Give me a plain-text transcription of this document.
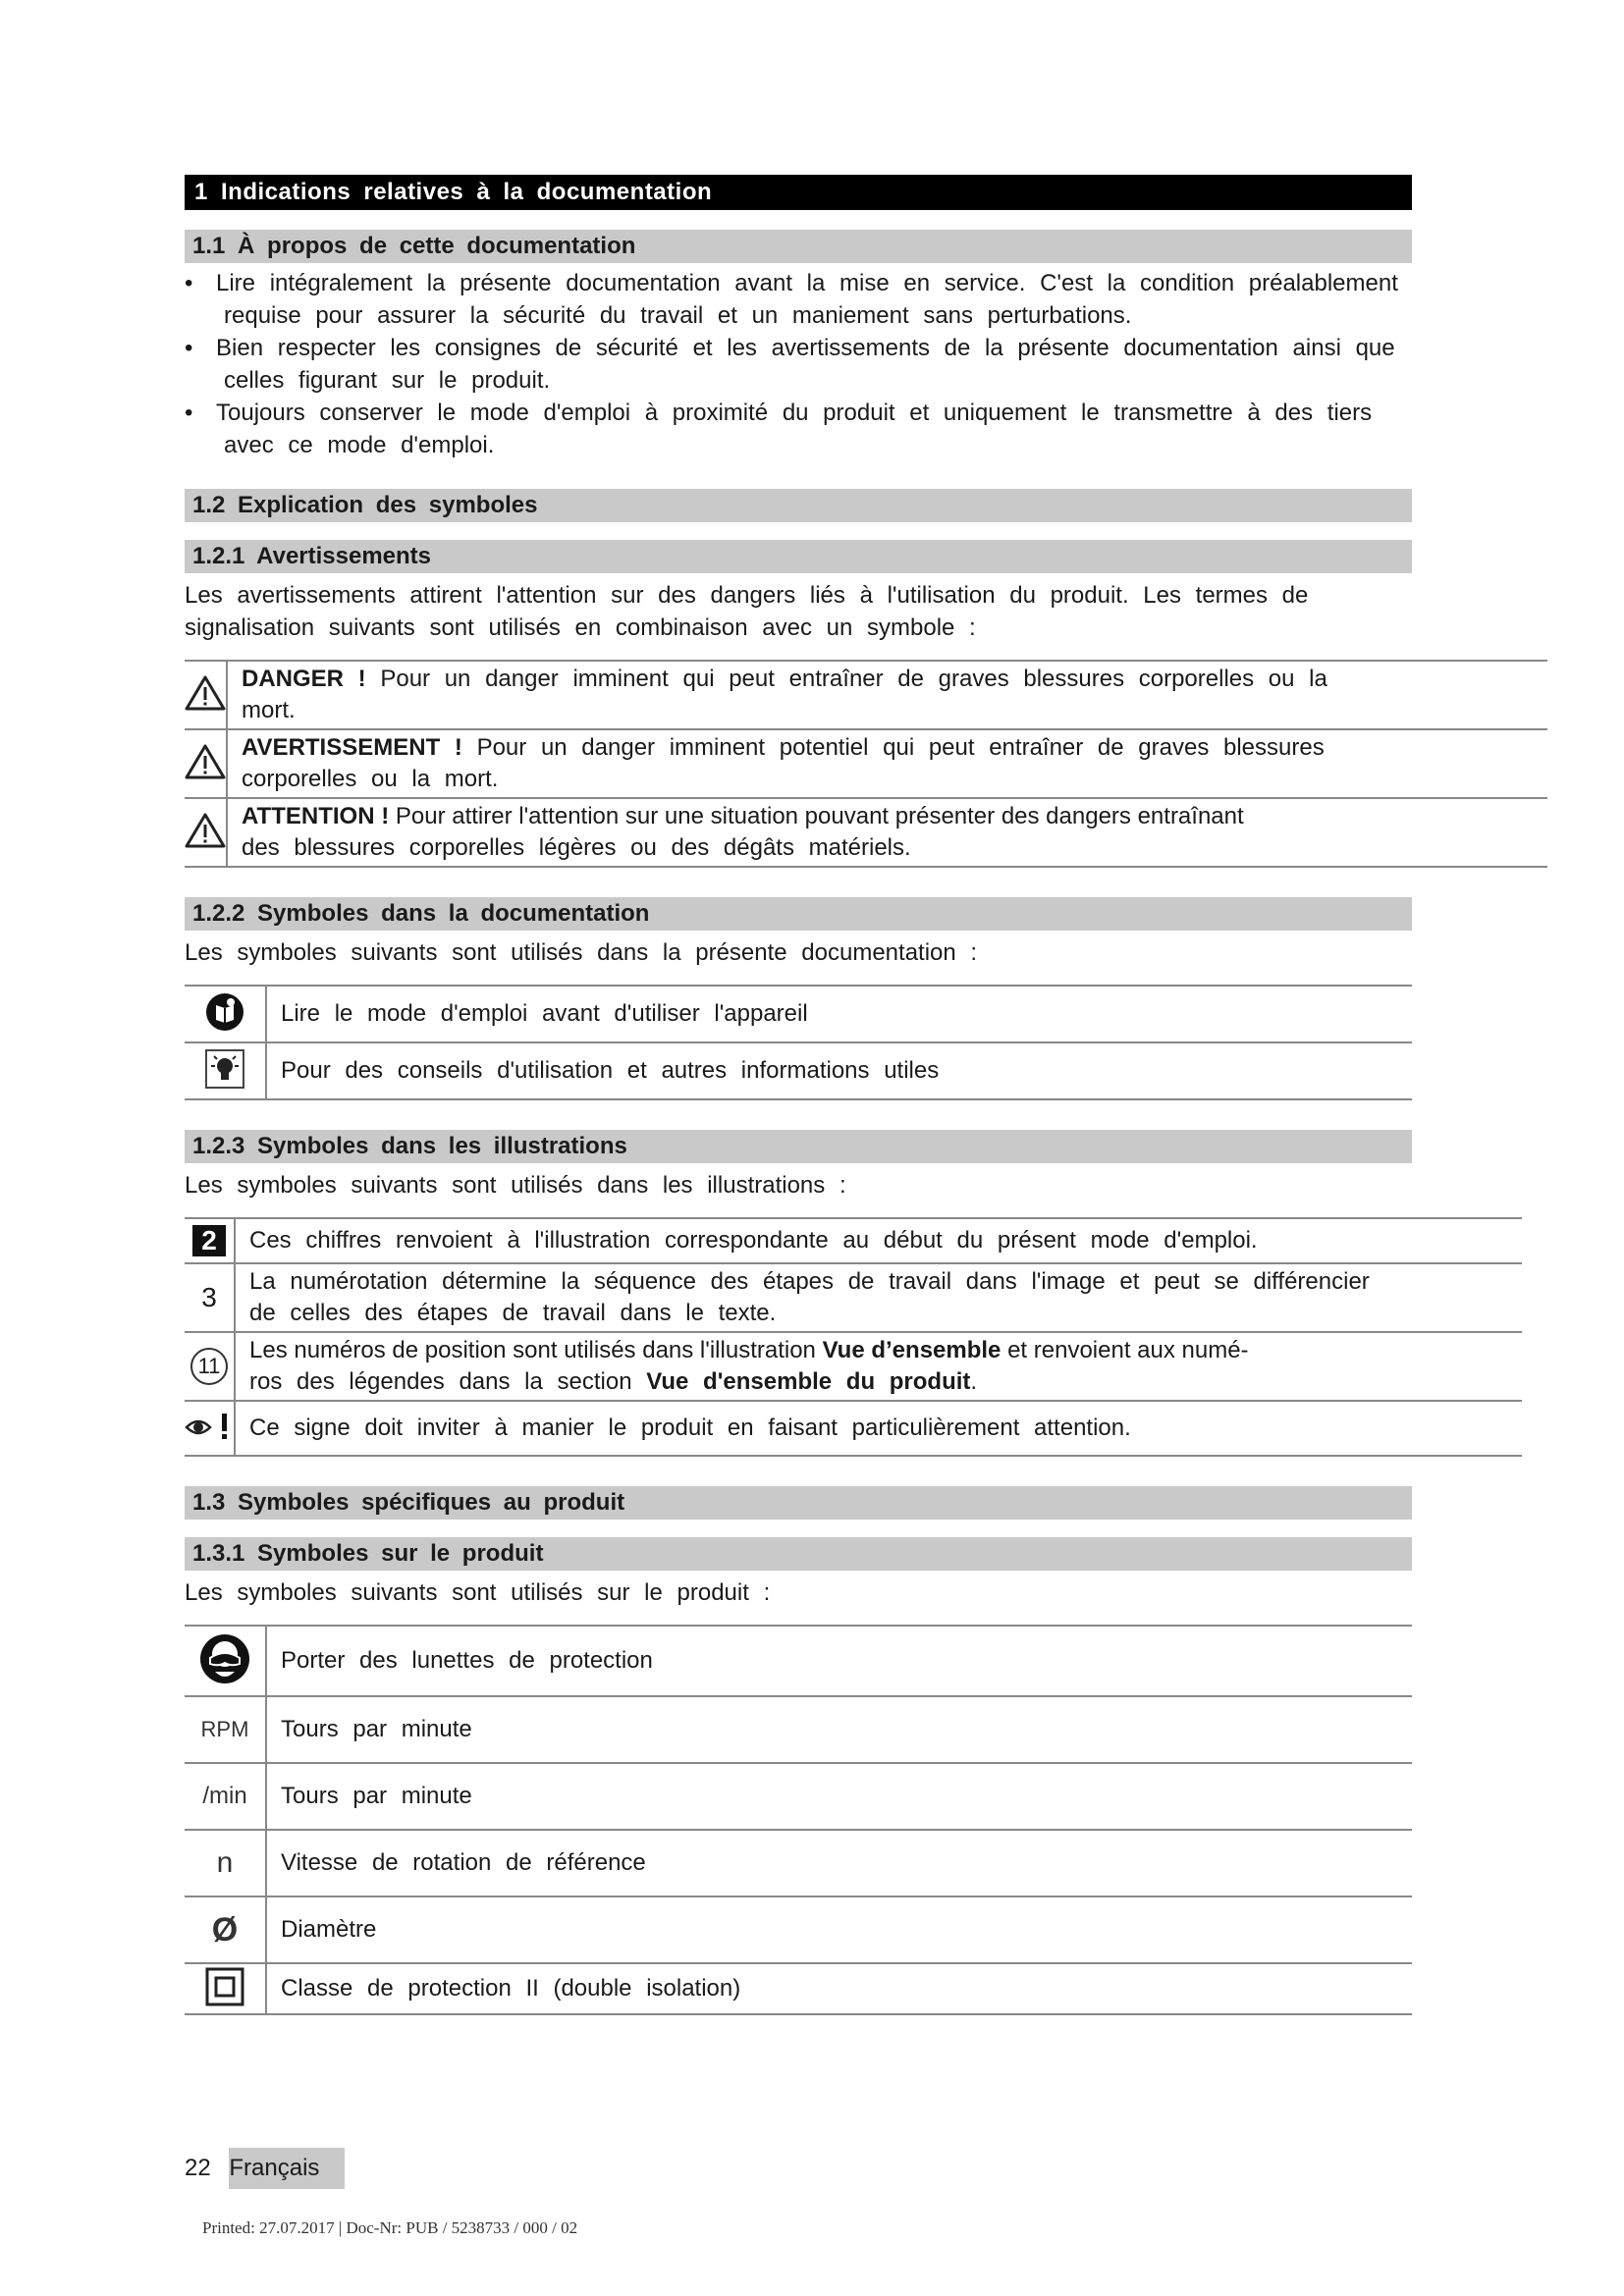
1 Indications relatives à la documentation
1.1 À propos de cette documentation
• Lire intégralement la présente documentation avant la mise en service. C'est la condition préalablement
requise pour assurer la sécurité du travail et un maniement sans perturbations.
• Bien respecter les consignes de sécurité et les avertissements de la présente documentation ainsi que
celles figurant sur le produit.
• Toujours conserver le mode d'emploi à proximité du produit et uniquement le transmettre à des tiers
avec ce mode d'emploi.
1.2 Explication des symboles
1.2.1 Avertissements
Les avertissements attirent l'attention sur des dangers liés à l'utilisation du produit. Les termes de
signalisation suivants sont utilisés en combinaison avec un symbole :

DANGER ! Pour un danger imminent qui peut entraîner de graves blessures corporelles ou la
mort.

AVERTISSEMENT ! Pour un danger imminent potentiel qui peut entraîner de graves blessures
corporelles ou la mort.
	ATTENTION ! Pour attirer l'attention sur une situation pouvant présenter des dangers entraînant
des blessures corporelles légères ou des dégâts matériels.
1.2.2 Symboles dans la documentation
Les symboles suivants sont utilisés dans la présente documentation :
	Lire le mode d'emploi avant d'utiliser l'appareil
	Pour des conseils d'utilisation et autres informations utiles
1.2.3 Symboles dans les illustrations
Les symboles suivants sont utilisés dans les illustrations :
2	Ces chiffres renvoient à l'illustration correspondante au début du présent mode d'emploi.
3	La numérotation détermine la séquence des étapes de travail dans l'image et peut se différencier
de celles des étapes de travail dans le texte.
11	Les numéros de position sont utilisés dans l'illustration Vue d’ensemble et renvoient aux numé-
ros des légendes dans la section Vue d'ensemble du produit.
	Ce signe doit inviter à manier le produit en faisant particulièrement attention.
1.3 Symboles spécifiques au produit
1.3.1 Symboles sur le produit
Les symboles suivants sont utilisés sur le produit :
	Porter des lunettes de protection
RPM	Tours par minute
/min	Tours par minute
n	Vitesse de rotation de référence
Ø	Diamètre
	Classe de protection II (double isolation)
22 Français
Printed: 27.07.2017 | Doc-Nr: PUB / 5238733 / 000 / 02
